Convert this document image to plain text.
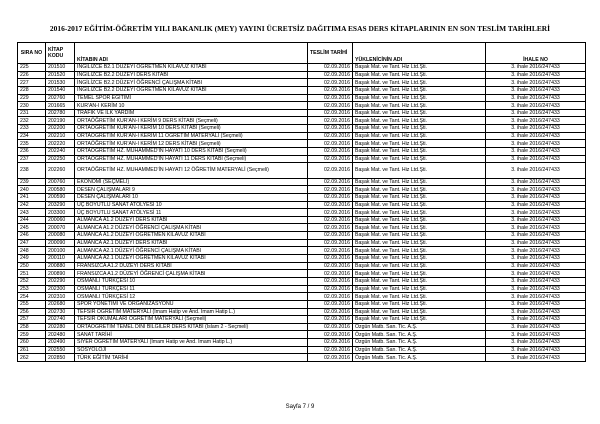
2016-2017 EĞİTİM-ÖĞRETİM YILI BAKANLIK (MEY) YAYINI ÜCRETSİZ DAĞITIMA ESAS DERS KİTAPLARININ EN SON TESLİM TARİHLERİ
SIRA NO	KİTAP KODU	KİTABIN ADI	TESLİM TARİHİ	YÜKLENİCİNİN ADI	İHALE NO
225	201510	İNGİLİZCE B2.1 DÜZEYİ ÖĞRETMEN KILAVUZ KİTABI	02.09.2016	Başak Mat. ve Tant. Hiz Ltd.Şti.	3. ihale 2016/247433
226	201520	İNGİLİZCE B2.2 DÜZEYİ DERS KİTABI	02.09.2016	Başak Mat. ve Tant. Hiz Ltd.Şti.	3. ihale 2016/247433
227	201530	İNGİLİZCE B2.2 DÜZEYİ ÖĞRENCİ ÇALIŞMA KİTABI	02.09.2016	Başak Mat. ve Tant. Hiz Ltd.Şti.	3. ihale 2016/247433
228	201540	İNGİLİZCE B2.2 DÜZEYİ ÖĞRETMEN KILAVUZ KİTABI	02.09.2016	Başak Mat. ve Tant. Hiz Ltd.Şti.	3. ihale 2016/247433
229	202760	TEMEL SPOR EĞİTİMİ	02.09.2016	Başak Mat. ve Tant. Hiz Ltd.Şti.	3. ihale 2016/247433
230	201665	KUR'AN-I KERİM 10	02.09.2016	Başak Mat. ve Tant. Hiz Ltd.Şti.	3. ihale 2016/247433
231	202780	TRAFİK VE İLK YARDIM	02.09.2016	Başak Mat. ve Tant. Hiz Ltd.Şti.	3. ihale 2016/247433
232	202190	ORTAÖĞRETİM KUR'AN-I KERİM 9 DERS KİTABI (Seçmeli)	02.09.2016	Başak Mat. ve Tant. Hiz Ltd.Şti.	3. ihale 2016/247433
233	202200	ORTAÖĞRETİM KUR'AN-I KERİM 10 DERS KİTABI (Seçmeli)	02.09.2016	Başak Mat. ve Tant. Hiz Ltd.Şti.	3. ihale 2016/247433
234	202210	ORTAÖĞRETİM KUR'AN-I KERİM 11 ÖĞRETİM MATERYALİ (Seçmeli)	02.09.2016	Başak Mat. ve Tant. Hiz Ltd.Şti.	3. ihale 2016/247433
235	202220	ORTAÖĞRETİM KUR'AN-I KERİM 12 DERS KİTABI (Seçmeli)	02.09.2016	Başak Mat. ve Tant. Hiz Ltd.Şti.	3. ihale 2016/247433
236	202240	ORTAÖĞRETİM HZ. MUHAMMED'İN HAYATI 10 DERS KİTABI (Seçmeli)	02.09.2016	Başak Mat. ve Tant. Hiz Ltd.Şti.	3. ihale 2016/247433
237	202250	ORTAÖĞRETİM HZ. MUHAMMED'İN HAYATI 11 DERS KİTABI (Seçmeli)	02.09.2016	Başak Mat. ve Tant. Hiz Ltd.Şti.	3. ihale 2016/247433
238	202260	ORTAÖĞRETİM HZ. MUHAMMED'İN HAYATI 12 ÖĞRETİM MATERYALİ (Seçmeli)	02.09.2016	Başak Mat. ve Tant. Hiz Ltd.Şti.	3. ihale 2016/247433
239	200760	EKONOMİ (SEÇMELİ)	02.09.2016	Başak Mat. ve Tant. Hiz Ltd.Şti.	3. ihale 2016/247433
240	200580	DESEN ÇALIŞMALARI 9	02.09.2016	Başak Mat. ve Tant. Hiz Ltd.Şti.	3. ihale 2016/247433
241	200590	DESEN ÇALIŞMALARI 10	02.09.2016	Başak Mat. ve Tant. Hiz Ltd.Şti.	3. ihale 2016/247433
242	203290	ÜÇ BOYUTLU SANAT ATÖLYESİ 10	02.09.2016	Başak Mat. ve Tant. Hiz Ltd.Şti.	3. ihale 2016/247433
243	203300	ÜÇ BOYUTLU SANAT ATÖLYESİ 11	02.09.2016	Başak Mat. ve Tant. Hiz Ltd.Şti.	3. ihale 2016/247433
244	200060	ALMANCA A1.2 DÜZEYİ DERS KİTABI	02.09.2016	Başak Mat. ve Tant. Hiz Ltd.Şti.	3. ihale 2016/247433
245	200070	ALMANCA A1.2 DÜZEYİ ÖĞRENCİ ÇALIŞMA KİTABI	02.09.2016	Başak Mat. ve Tant. Hiz Ltd.Şti.	3. ihale 2016/247433
246	200080	ALMANCA A1.2 DÜZEYİ ÖĞRETMEN KILAVUZ KİTABI	02.09.2016	Başak Mat. ve Tant. Hiz Ltd.Şti.	3. ihale 2016/247433
247	200090	ALMANCA A2.1 DÜZEYİ DERS KİTABI	02.09.2016	Başak Mat. ve Tant. Hiz Ltd.Şti.	3. ihale 2016/247433
248	200100	ALMANCA A2.1 DÜZEYİ ÖĞRENCİ ÇALIŞMA KİTABI	02.09.2016	Başak Mat. ve Tant. Hiz Ltd.Şti.	3. ihale 2016/247433
249	200110	ALMANCA A2.1 DÜZEYİ ÖĞRETMEN KILAVUZ KİTABI	02.09.2016	Başak Mat. ve Tant. Hiz Ltd.Şti.	3. ihale 2016/247433
250	200880	FRANSIZCA A1.2 DÜZEYİ DERS KİTABI	02.09.2016	Başak Mat. ve Tant. Hiz Ltd.Şti.	3. ihale 2016/247433
251	200890	FRANSIZCA A1.2 DÜZEYİ ÖĞRENCİ ÇALIŞMA KİTABI	02.09.2016	Başak Mat. ve Tant. Hiz Ltd.Şti.	3. ihale 2016/247433
252	202290	OSMANLI TÜRKÇESİ 10	02.09.2016	Başak Mat. ve Tant. Hiz Ltd.Şti.	3. ihale 2016/247433
253	202300	OSMANLI TÜRKÇESİ 11	02.09.2016	Başak Mat. ve Tant. Hiz Ltd.Şti.	3. ihale 2016/247433
254	202310	OSMANLI TÜRKÇESİ 12	02.09.2016	Başak Mat. ve Tant. Hiz Ltd.Şti.	3. ihale 2016/247433
255	202680	SPOR YÖNETİMİ VE ORGANİZASYONU	02.09.2016	Başak Mat. ve Tant. Hiz Ltd.Şti.	3. ihale 2016/247433
256	202730	TEFSİR ÖĞRETİM MATERYALİ (İmam Hatip ve And. İmam Hatip L.)	02.09.2016	Başak Mat. ve Tant. Hiz Ltd.Şti.	3. ihale 2016/247433
257	202740	TEFSİR OKUMALARI ÖĞRETİM MATERYALİ (Seçmeli)	02.09.2016	Başak Mat. ve Tant. Hiz Ltd.Şti.	3. ihale 2016/247433
258	202280	ORTAÖĞRETİM TEMEL DİNİ BİLGİLER DERS KİTABI (İslam 2 - Seçmeli)	02.09.2016	Özgün Matb. San. Tic. A.Ş.	3. ihale 2016/247433
259	202480	SANAT TARİHİ	02.09.2016	Özgün Matb. San. Tic. A.Ş.	3. ihale 2016/247433
260	202490	SİYER ÖĞRETİM MATERYALİ (İmam Hatip ve And. İmam Hatip L.)	02.09.2016	Özgün Matb. San. Tic. A.Ş.	3. ihale 2016/247433
261	202550	SOSYOLOJİ	02.09.2016	Özgün Matb. San. Tic. A.Ş.	3. ihale 2016/247433
262	202850	TÜRK EĞİTİM TARİHİ	02.09.2016	Özgün Matb. San. Tic. A.Ş.	3. ihale 2016/247433
Sayfa 7 / 9
